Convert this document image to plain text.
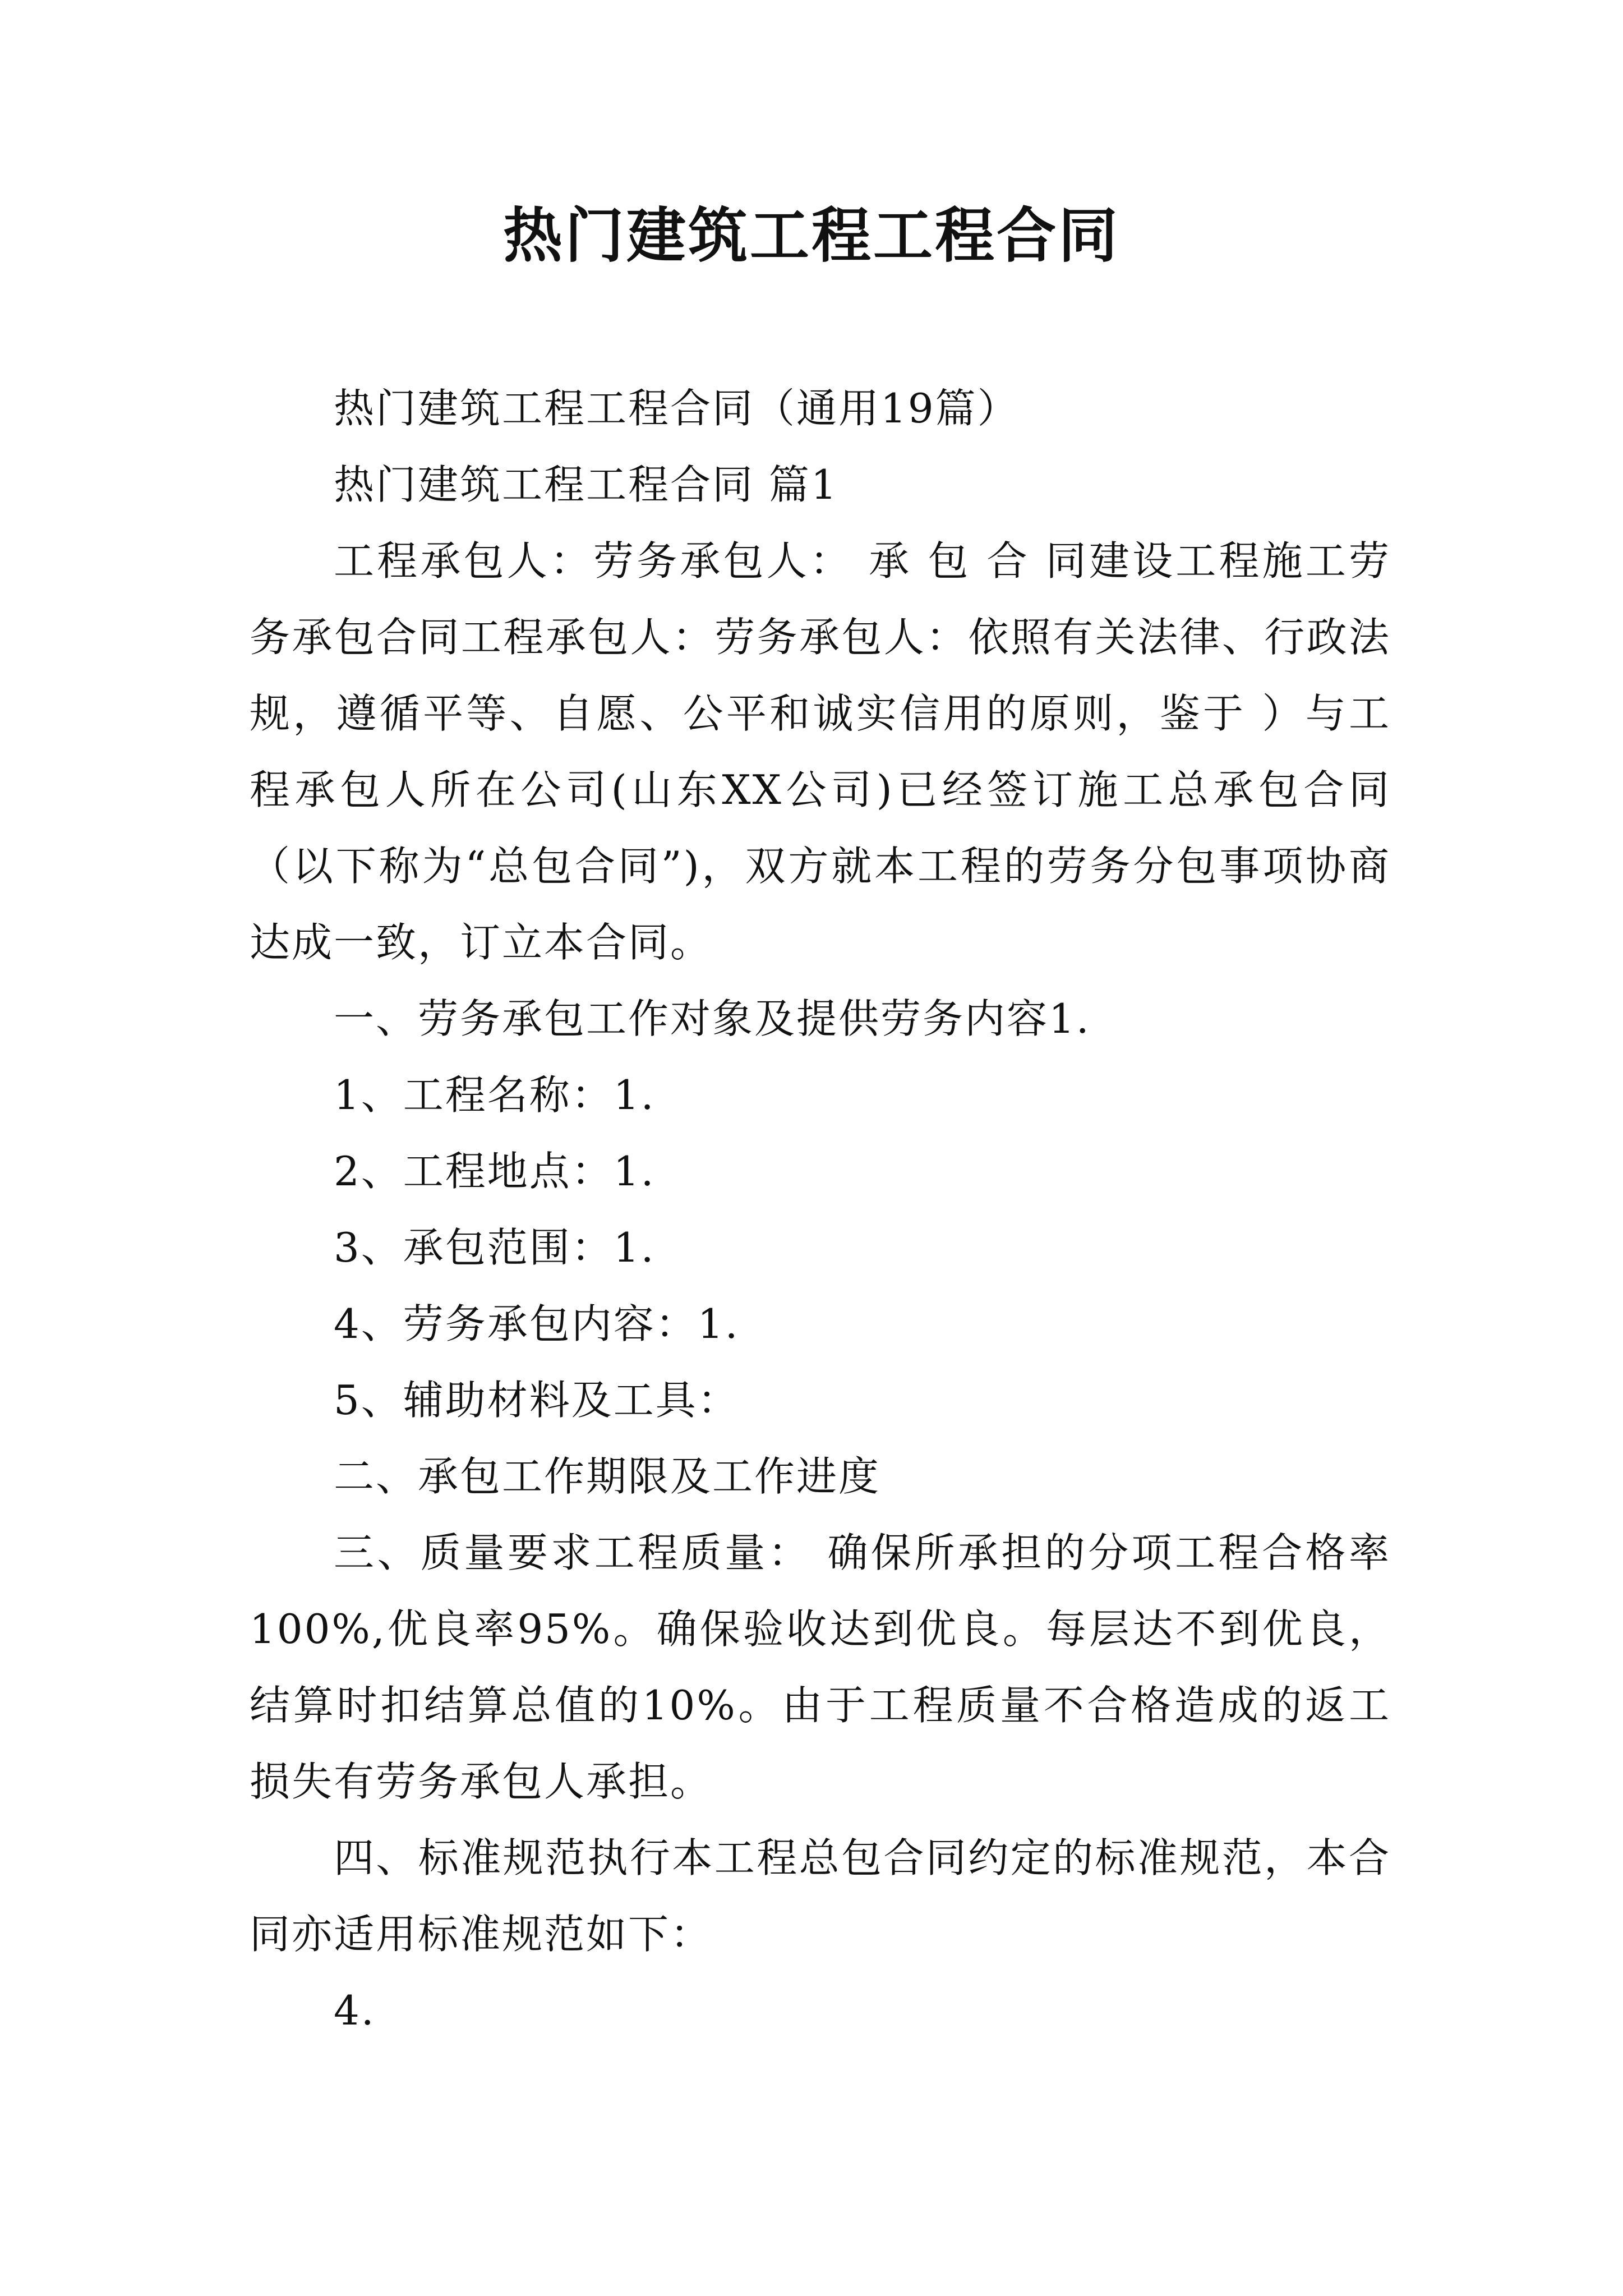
热门建筑工程工程合同

热门建筑工程工程合同（通用19篇）

热门建筑工程工程合同 篇1

工程承包人：劳务承包人： 承 包 合 同建设工程施工劳务承包合同工程承包人：劳务承包人：依照有关法律、行政法规，遵循平等、自愿、公平和诚实信用的原则，鉴于 ）与工程承包人所在公司(山东XX公司)已经签订施工总承包合同（以下称为“总包合同”)，双方就本工程的劳务分包事项协商达成一致，订立本合同。

一、劳务承包工作对象及提供劳务内容1.

1、工程名称：1.

2、工程地点：1.

3、承包范围：1.

4、劳务承包内容：1.

5、辅助材料及工具：

二、承包工作期限及工作进度

三、质量要求工程质量： 确保所承担的分项工程合格率100%,优良率95%。确保验收达到优良。每层达不到优良，结算时扣结算总值的10%。由于工程质量不合格造成的返工损失有劳务承包人承担。

四、标准规范执行本工程总包合同约定的标准规范，本合同亦适用标准规范如下：

4.
